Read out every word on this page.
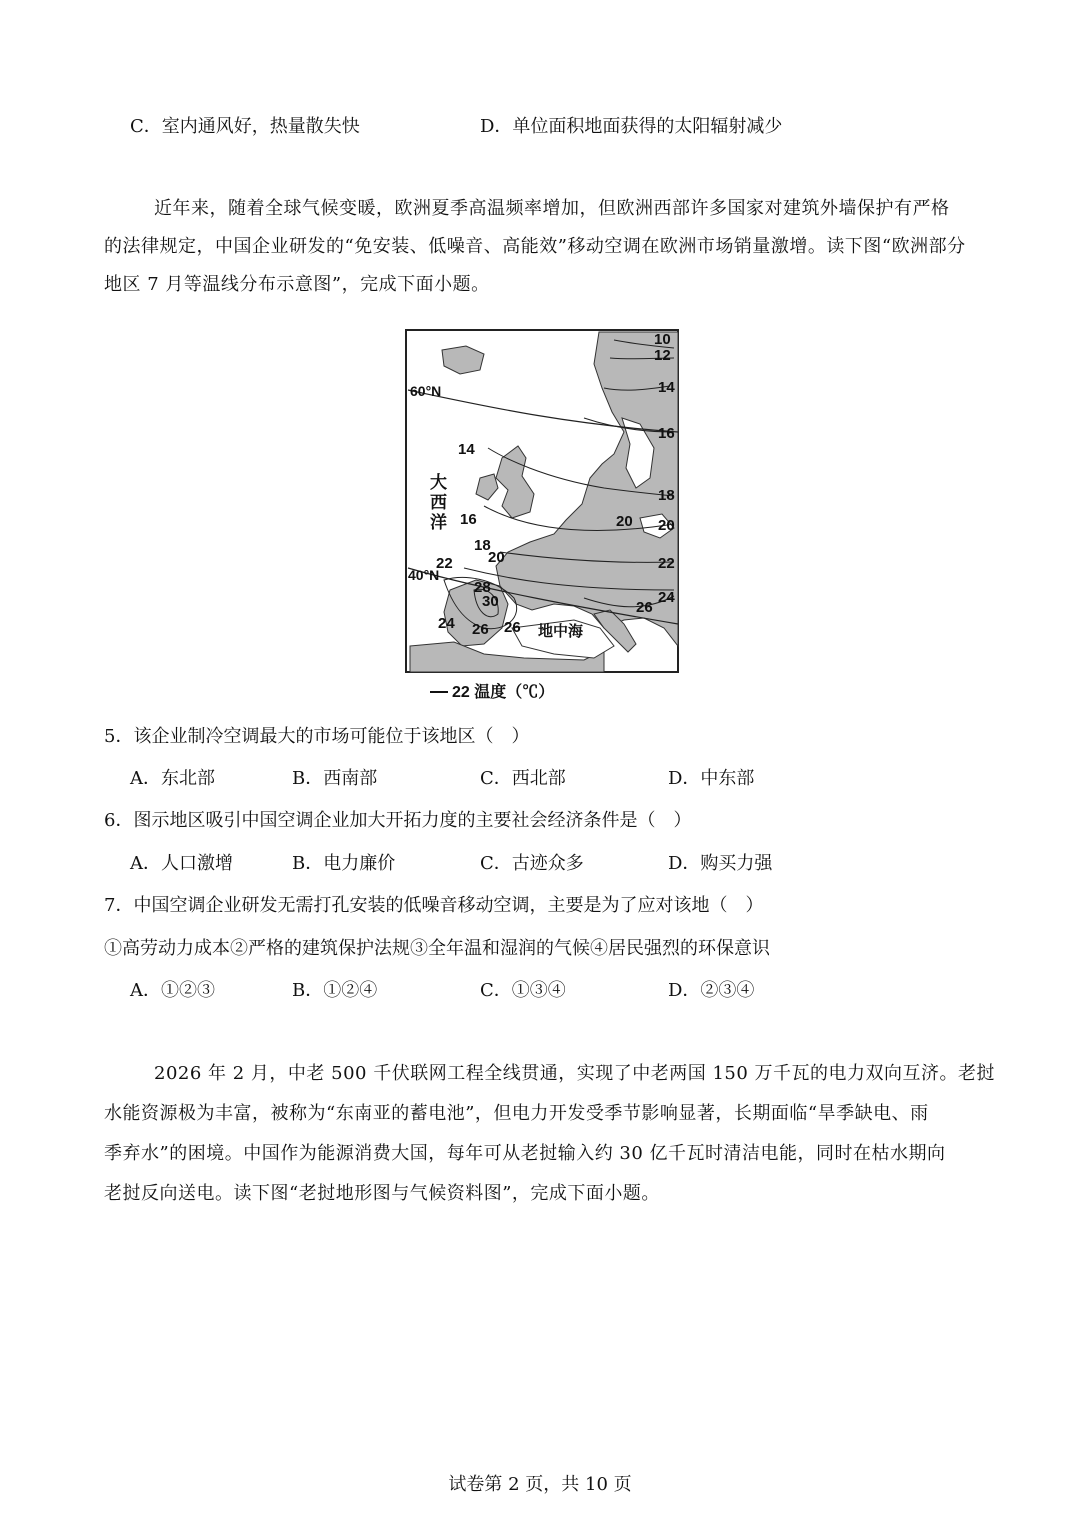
C．室内通风好，热量散失快	D．单位面积地面获得的太阳辐射减少
近年来，随着全球气候变暖，欧洲夏季高温频率增加，但欧洲西部许多国家对建筑外墙保护有严格
的法律规定，中国企业研发的“免安装、低噪音、高能效”移动空调在欧洲市场销量激增。读下图“欧洲部分
地区 7 月等温线分布示意图”，完成下面小题。
60°N
40°N
大
西
洋
地中海
10
12
14
16
14
18
20 20
16
18
20
22	22
24
26
28
30
24 26 26
22 温度（℃）
5．该企业制冷空调最大的市场可能位于该地区（　）
A．东北部	B．西南部	C．西北部	D．中东部
6．图示地区吸引中国空调企业加大开拓力度的主要社会经济条件是（　）
A．人口激增	B．电力廉价	C．古迹众多	D．购买力强
7．中国空调企业研发无需打孔安装的低噪音移动空调，主要是为了应对该地（　）
①高劳动力成本②严格的建筑保护法规③全年温和湿润的气候④居民强烈的环保意识
A．①②③	B．①②④	C．①③④	D．②③④
2026 年 2 月，中老 500 千伏联网工程全线贯通，实现了中老两国 150 万千瓦的电力双向互济。老挝
水能资源极为丰富，被称为“东南亚的蓄电池”，但电力开发受季节影响显著，长期面临“旱季缺电、雨
季弃水”的困境。中国作为能源消费大国，每年可从老挝输入约 30 亿千瓦时清洁电能，同时在枯水期向
老挝反向送电。读下图“老挝地形图与气候资料图”，完成下面小题。
试卷第 2 页，共 10 页
